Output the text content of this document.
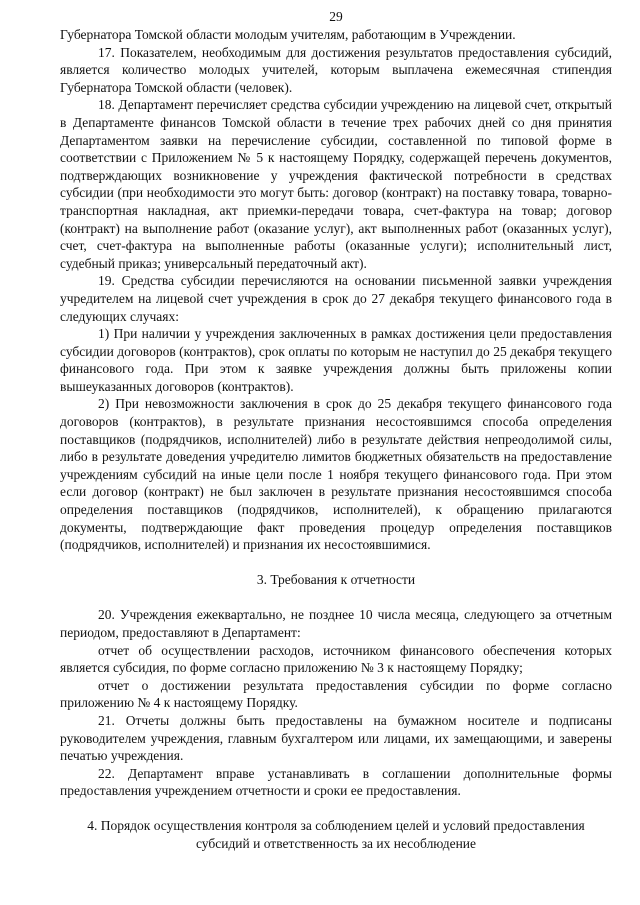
29

Губернатора Томской области молодым учителям, работающим в Учреждении.

17. Показателем, необходимым для достижения результатов предоставления субсидий, является количество молодых учителей, которым выплачена ежемесячная стипендия Губернатора Томской области (человек).

18. Департамент перечисляет средства субсидии учреждению на лицевой счет, открытый в Департаменте финансов Томской области в течение трех рабочих дней со дня принятия Департаментом заявки на перечисление субсидии, составленной по типовой форме в соответствии с Приложением № 5 к настоящему Порядку, содержащей перечень документов, подтверждающих возникновение у учреждения фактической потребности в средствах субсидии (при необходимости это могут быть: договор (контракт) на поставку товара, товарно-транспортная накладная, акт приемки-передачи товара, счет-фактура на товар; договор (контракт) на выполнение работ (оказание услуг), акт выполненных работ (оказанных услуг), счет, счет-фактура на выполненные работы (оказанные услуги); исполнительный лист, судебный приказ; универсальный передаточный акт).

19. Средства субсидии перечисляются на основании письменной заявки учреждения учредителем на лицевой счет учреждения в срок до 27 декабря текущего финансового года в следующих случаях:

1) При наличии у учреждения заключенных в рамках достижения цели предоставления субсидии договоров (контрактов), срок оплаты по которым не наступил до 25 декабря текущего финансового года. При этом к заявке учреждения должны быть приложены копии вышеуказанных договоров (контрактов).

2) При невозможности заключения в срок до 25 декабря текущего финансового года договоров (контрактов), в результате признания несостоявшимся способа определения поставщиков (подрядчиков, исполнителей) либо в результате действия непреодолимой силы, либо в результате доведения учредителю лимитов бюджетных обязательств на предоставление учреждениям субсидий на иные цели после 1 ноября текущего финансового года. При этом если договор (контракт) не был заключен в результате признания несостоявшимся способа определения поставщиков (подрядчиков, исполнителей), к обращению прилагаются документы, подтверждающие факт проведения процедур определения поставщиков (подрядчиков, исполнителей) и признания их несостоявшимися.

3. Требования к отчетности

20. Учреждения ежеквартально, не позднее 10 числа месяца, следующего за отчетным периодом, предоставляют в Департамент:

отчет об осуществлении расходов, источником финансового обеспечения которых является субсидия, по форме согласно приложению № 3 к настоящему Порядку;

отчет о достижении результата предоставления субсидии по форме согласно приложению № 4 к настоящему Порядку.

21. Отчеты должны быть предоставлены на бумажном носителе и подписаны руководителем учреждения, главным бухгалтером или лицами, их замещающими, и заверены печатью учреждения.

22. Департамент вправе устанавливать в соглашении дополнительные формы предоставления учреждением отчетности и сроки ее предоставления.

4. Порядок осуществления контроля за соблюдением целей и условий предоставления
субсидий и ответственность за их несоблюдение
